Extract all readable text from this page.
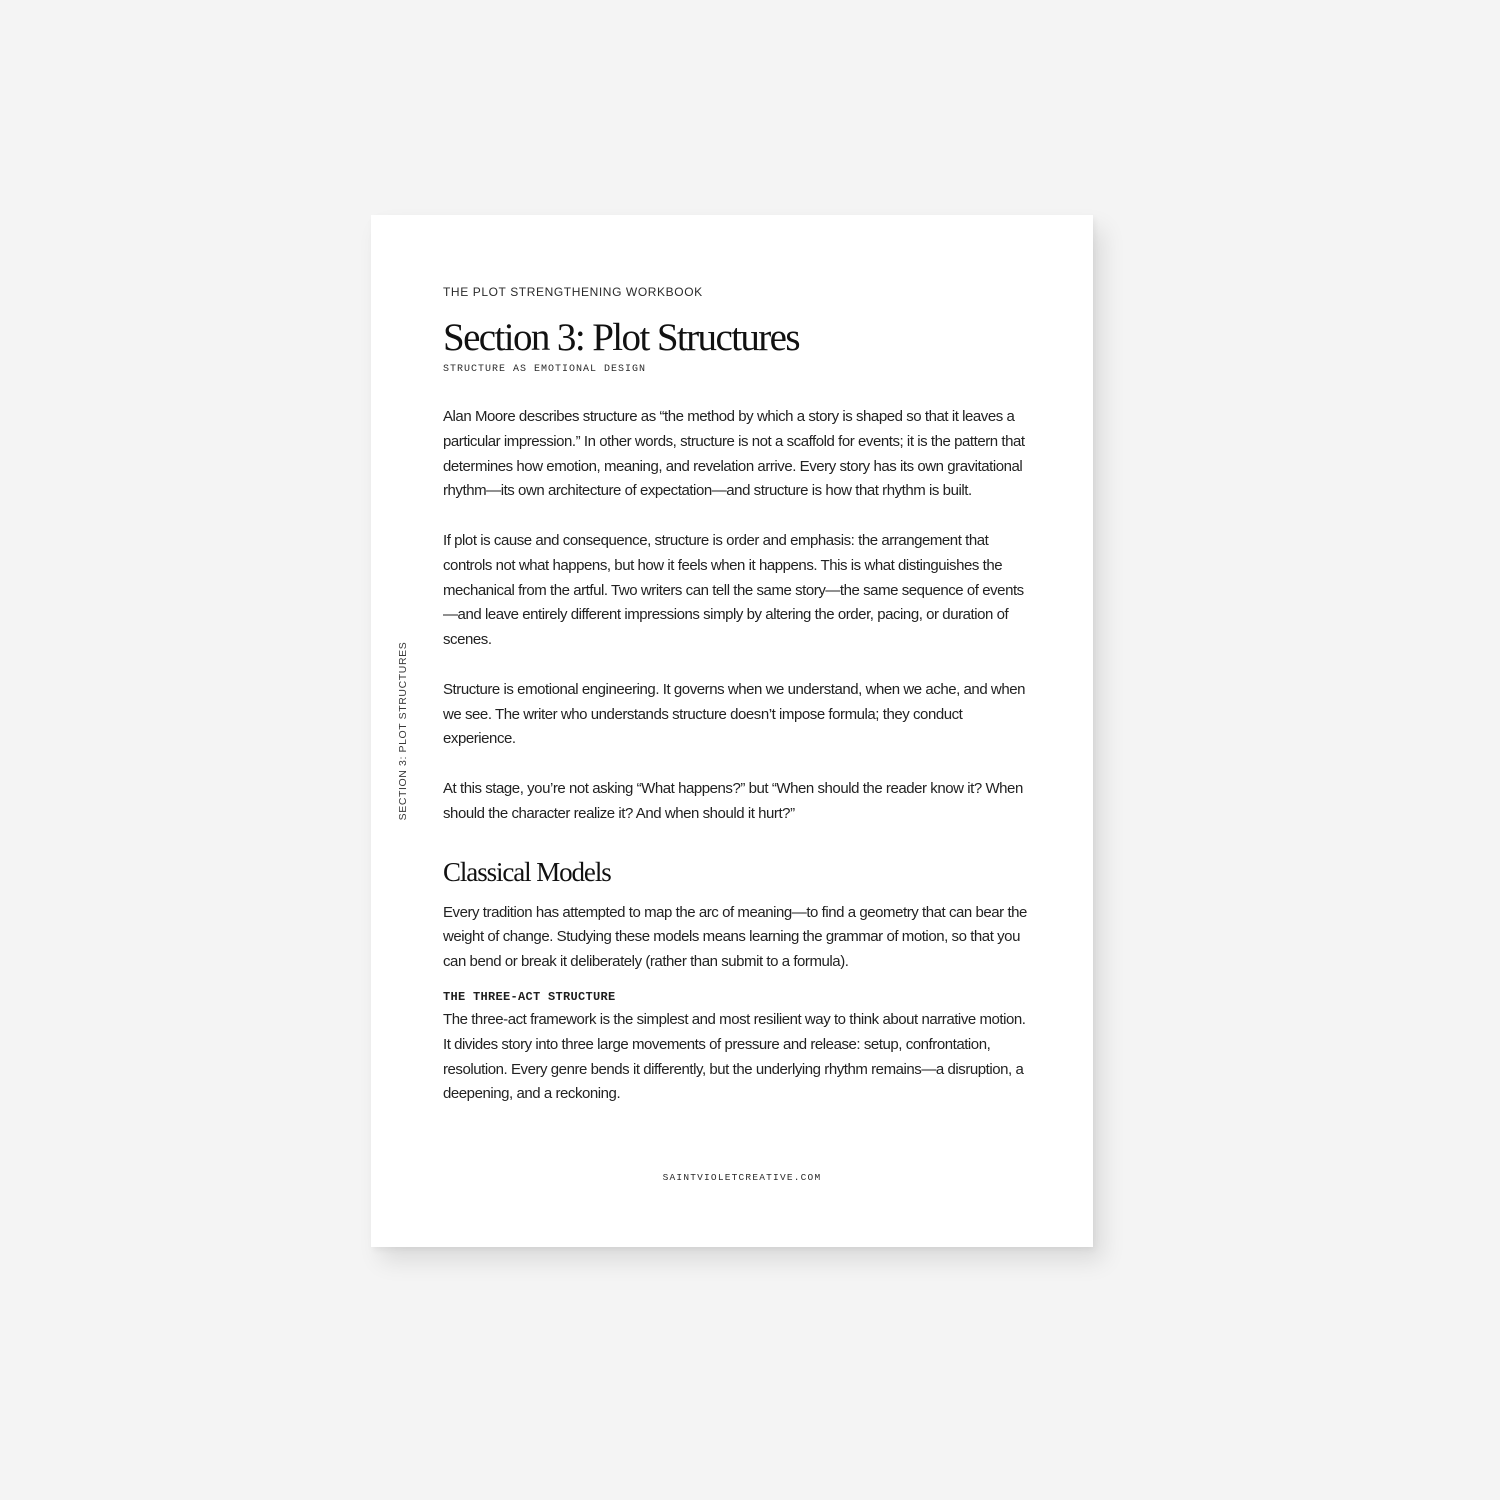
SECTION 3: PLOT STRUCTURES

THE PLOT STRENGTHENING WORKBOOK

Section 3: Plot Structures

STRUCTURE AS EMOTIONAL DESIGN

Alan Moore describes structure as “the method by which a story is shaped so that it leaves a particular impression.” In other words, structure is not a scaffold for events; it is the pattern that determines how emotion, meaning, and revelation arrive. Every story has its own gravitational rhythm—its own architecture of expectation—and structure is how that rhythm is built.

If plot is cause and consequence, structure is order and emphasis: the arrangement that controls not what happens, but how it feels when it happens. This is what distinguishes the mechanical from the artful. Two writers can tell the same story—the same sequence of events—and leave entirely different impressions simply by altering the order, pacing, or duration of scenes.

Structure is emotional engineering. It governs when we understand, when we ache, and when we see. The writer who understands structure doesn’t impose formula; they conduct experience.

At this stage, you’re not asking “What happens?” but “When should the reader know it? When should the character realize it? And when should it hurt?”

Classical Models

Every tradition has attempted to map the arc of meaning—to find a geometry that can bear the weight of change. Studying these models means learning the grammar of motion, so that you can bend or break it deliberately (rather than submit to a formula).

THE THREE-ACT STRUCTURE

The three-act framework is the simplest and most resilient way to think about narrative motion. It divides story into three large movements of pressure and release: setup, confrontation, resolution. Every genre bends it differently, but the underlying rhythm remains—a disruption, a deepening, and a reckoning.

SAINTVIOLETCREATIVE.COM
